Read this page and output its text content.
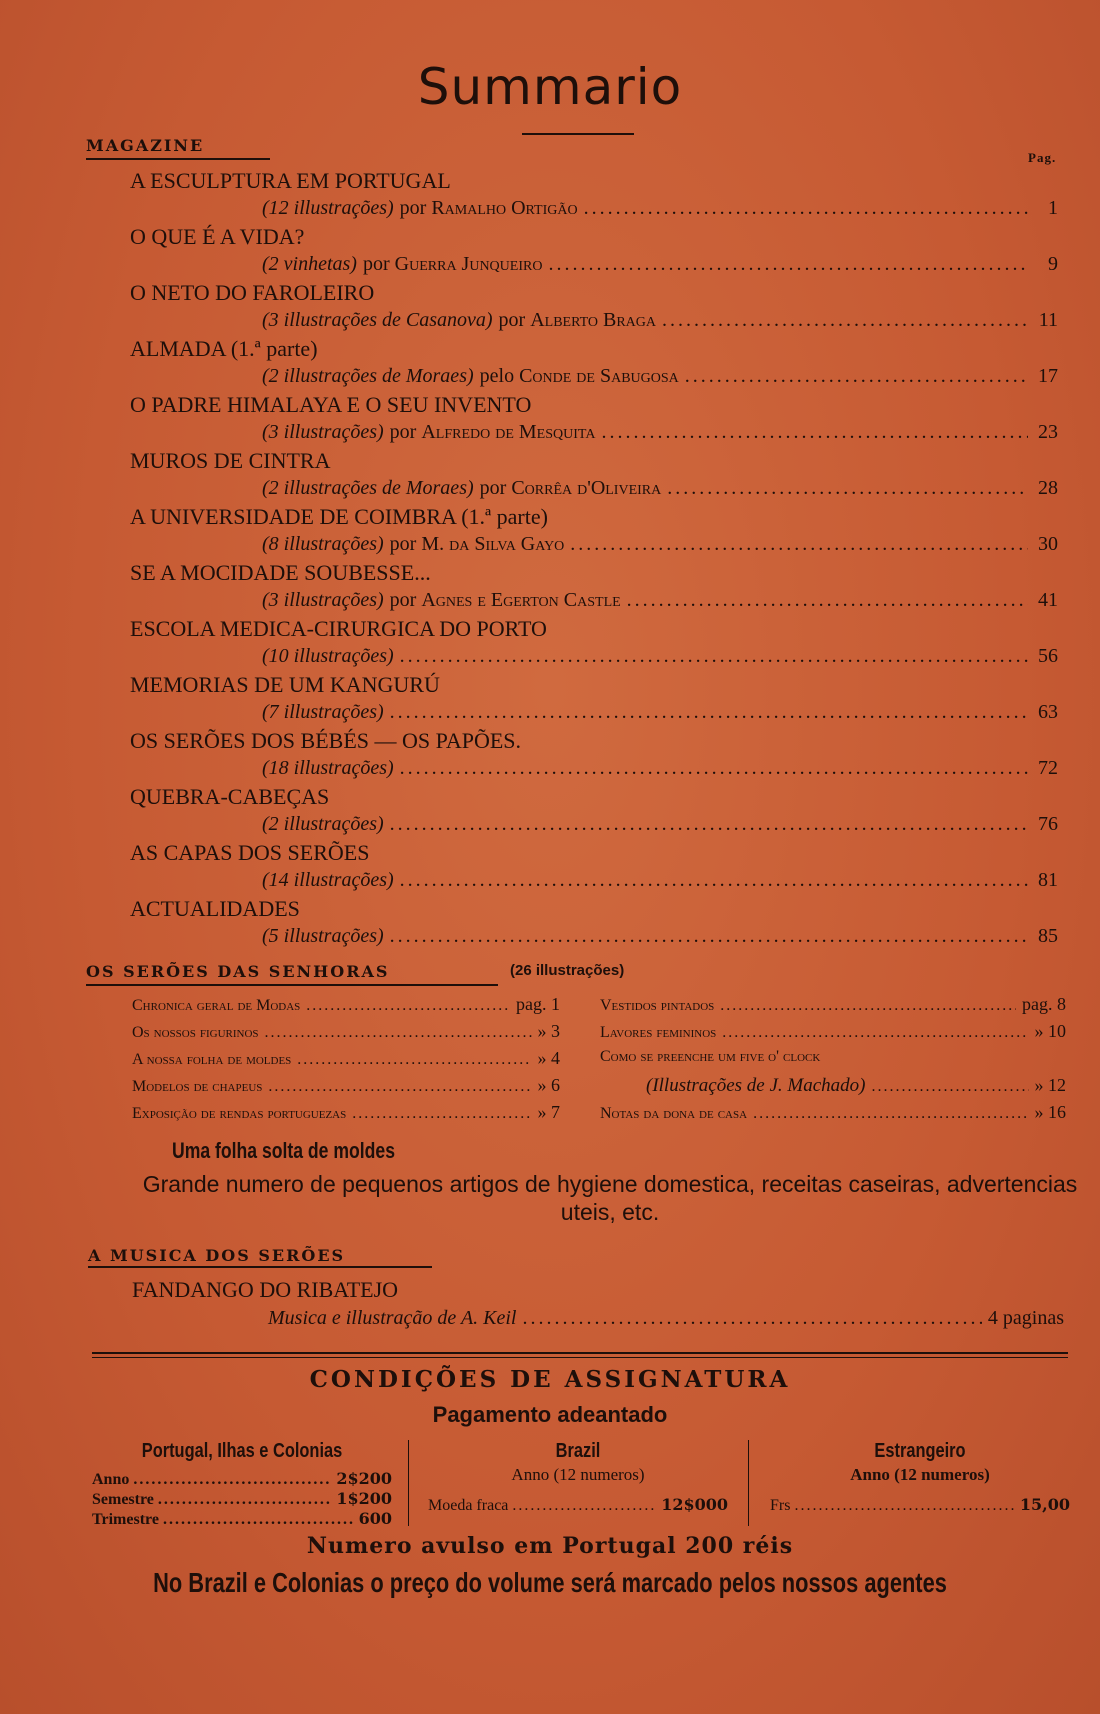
Summario
MAGAZINE
Pag.
A ESCULPTURA EM PORTUGAL
(12 illustrações) por Ramalho Ortigão .....	1
O QUE É A VIDA?
(2 vinhetas) por Guerra Junqueiro .....	9
O NETO DO FAROLEIRO
(3 illustrações de Casanova) por Alberto Braga .....	11
ALMADA (1.ª parte)
(2 illustrações de Moraes) pelo Conde de Sabugosa .....	17
O PADRE HIMALAYA E O SEU INVENTO
(3 illustrações) por Alfredo de Mesquita .....	23
MUROS DE CINTRA
(2 illustrações de Moraes) por Corrêa d'Oliveira .....	28
A UNIVERSIDADE DE COIMBRA (1.ª parte)
(8 illustrações) por M. da Silva Gayo .....	30
SE A MOCIDADE SOUBESSE...
(3 illustrações) por Agnes e Egerton Castle .....	41
ESCOLA MEDICA-CIRURGICA DO PORTO
(10 illustrações) .....	56
MEMORIAS DE UM KANGURÚ
(7 illustrações) .....	63
OS SERÕES DOS BÉBÉS — OS PAPÕES.
(18 illustrações) .....	72
QUEBRA-CABEÇAS
(2 illustrações) .....	76
AS CAPAS DOS SERÕES
(14 illustrações) .....	81
ACTUALIDADES
(5 illustrações) .....	85
OS SERÕES DAS SENHORAS	(26 illustrações)
Chronica geral de Modas .....	pag. 1
Os nossos figurinos .....	» 3
A nossa folha de moldes .....	» 4
Modelos de chapeus .....	» 6
Exposição de rendas portuguezas .....	» 7
Vestidos pintados .....	pag. 8
Lavores femininos .....	» 10
Como se preenche um five o' clock
(Illustrações de J. Machado) .....	» 12
Notas da dona de casa .....	» 16
Uma folha solta de moldes
Grande numero de pequenos artigos de hygiene domestica, receitas caseiras, advertencias uteis, etc.
A MUSICA DOS SERÕES
FANDANGO DO RIBATEJO
Musica e illustração de A. Keil .....	4 paginas
CONDIÇÕES DE ASSIGNATURA
Pagamento adeantado
Portugal, Ilhas e Colonias
Anno .....	2$200
Semestre .....	1$200
Trimestre .....	600
Brazil
Anno (12 numeros)
Moeda fraca .....	12$000
Estrangeiro
Anno (12 numeros)
Frs .....	15,00
Numero avulso em Portugal 200 réis
No Brazil e Colonias o preço do volume será marcado pelos nossos agentes
